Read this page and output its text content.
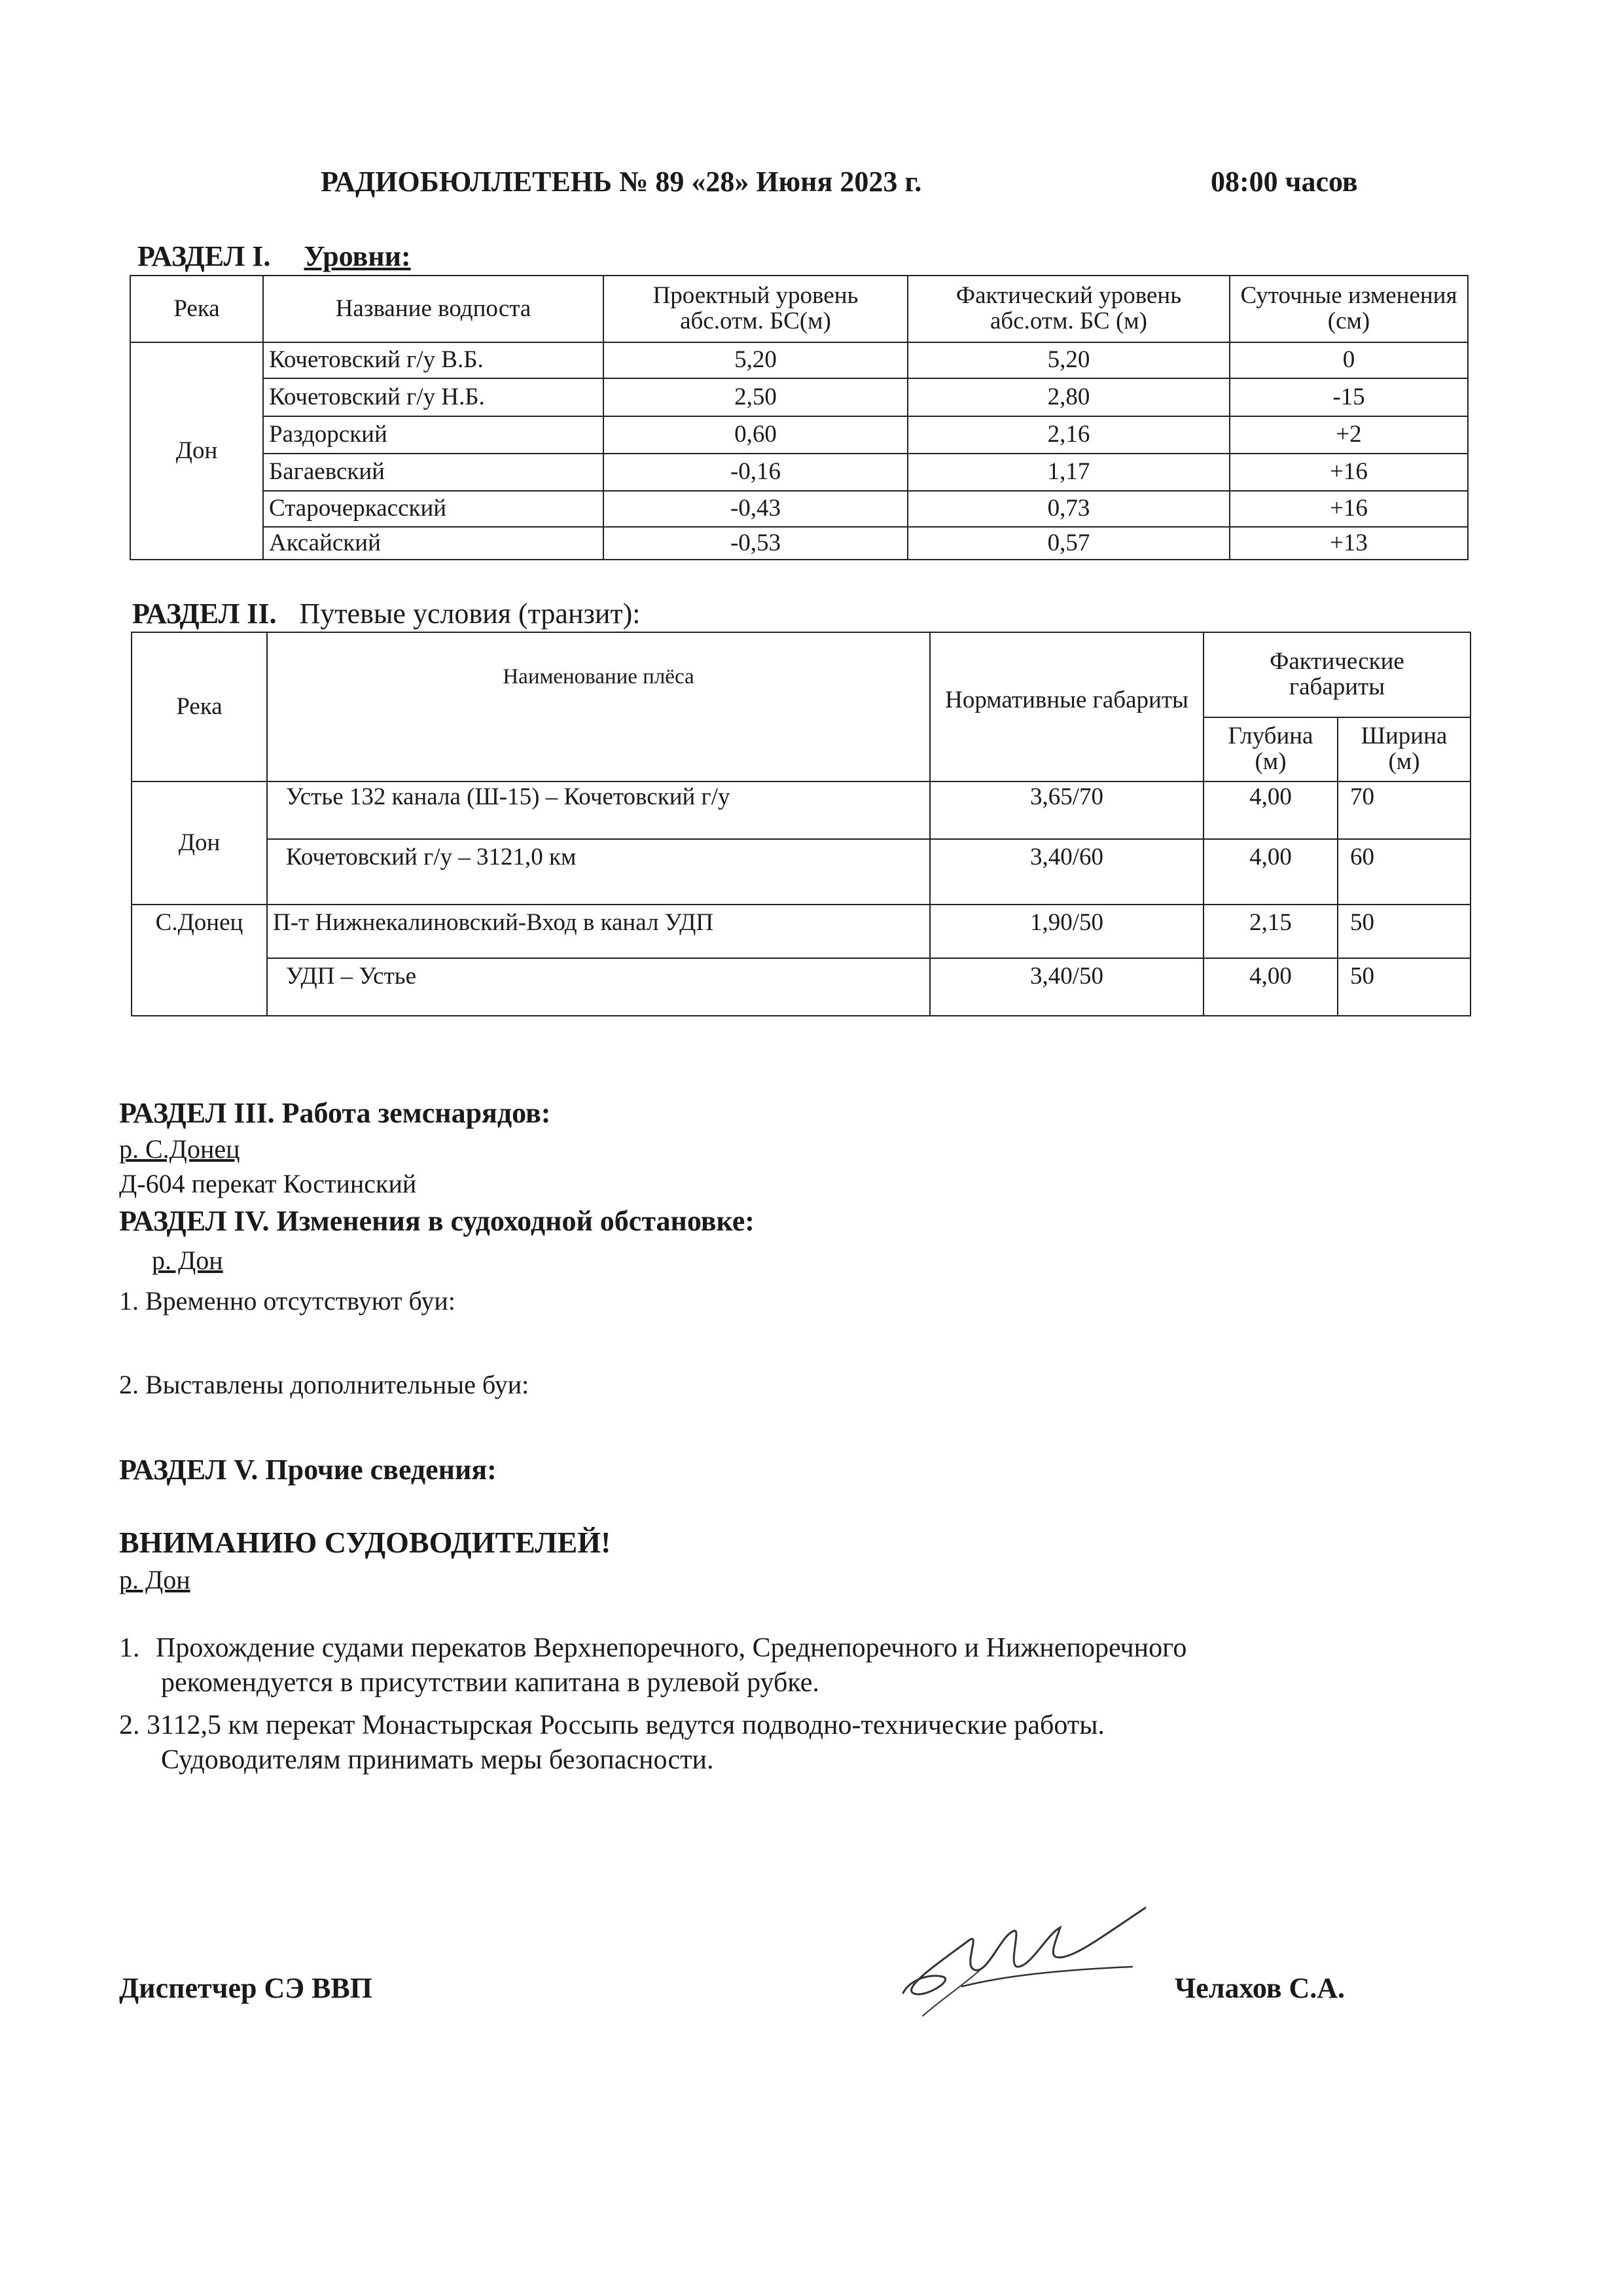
РАДИОБЮЛЛЕТЕНЬ № 89 «28» Июня 2023 г.	08:00 часов
РАЗДЕЛ I. Уровни:
Река	Название водпоста	Проектный уровень абс.отм. БС(м)	Фактический уровень абс.отм. БС (м)	Суточные изменения (см)
Дон	Кочетовский г/у В.Б.	5,20	5,20	0
	Кочетовский г/у Н.Б.	2,50	2,80	-15
	Раздорский	0,60	2,16	+2
	Багаевский	-0,16	1,17	+16
	Старочеркасский	-0,43	0,73	+16
	Аксайский	-0,53	0,57	+13
РАЗДЕЛ II. Путевые условия (транзит):
Река	Наименование плёса	Нормативные габариты	Фактические габариты	
			Глубина (м)	Ширина (м)
Дон	Устье 132 канала (Ш-15) – Кочетовский г/у	3,65/70	4,00	70
	Кочетовский г/у – 3121,0 км	3,40/60	4,00	60
С.Донец	П-т Нижнекалиновский-Вход в канал УДП	1,90/50	2,15	50
	УДП – Устье	3,40/50	4,00	50
РАЗДЕЛ III. Работа земснарядов:
р. С.Донец
Д-604 перекат Костинский
РАЗДЕЛ IV. Изменения в судоходной обстановке:
р. Дон
1. Временно отсутствуют буи:
2. Выставлены дополнительные буи:
РАЗДЕЛ V. Прочие сведения:
ВНИМАНИЮ СУДОВОДИТЕЛЕЙ!
р. Дон
1. Прохождение судами перекатов Верхнепоречного, Среднепоречного и Нижнепоречного
рекомендуется в присутствии капитана в рулевой рубке.
2. 3112,5 км перекат Монастырская Россыпь ведутся подводно-технические работы.
Судоводителям принимать меры безопасности.
Диспетчер СЭ ВВП	Челахов С.А.
